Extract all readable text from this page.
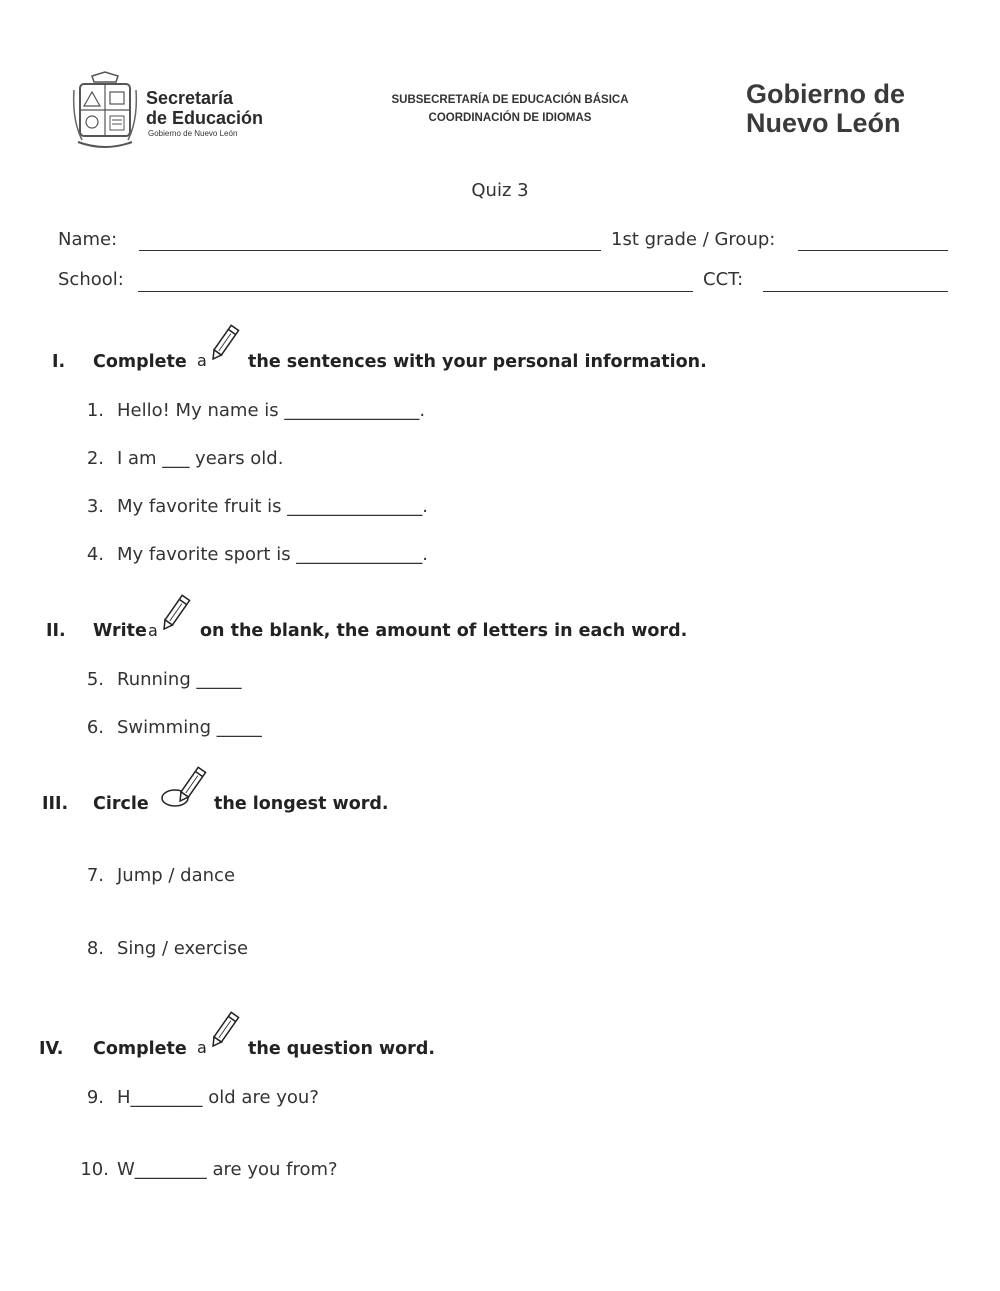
Secretaría
de Educación
Gobierno de Nuevo León
SUBSECRETARÍA DE EDUCACIÓN BÁSICA
COORDINACIÓN DE IDIOMAS
Gobierno de
Nuevo León
Quiz 3
Name:	1st grade / Group:
School:	CCT:
I. Complete a the sentences with your personal information.
1. Hello! My name is _______________.
2. I am ___ years old.
3. My favorite fruit is _______________.
4. My favorite sport is ______________.
II. Write a on the blank, the amount of letters in each word.
5. Running _____
6. Swimming _____
III. Circle	the longest word.
7. Jump / dance
8. Sing / exercise
IV. Complete a the question word.
9. H________ old are you?
10. W________ are you from?
